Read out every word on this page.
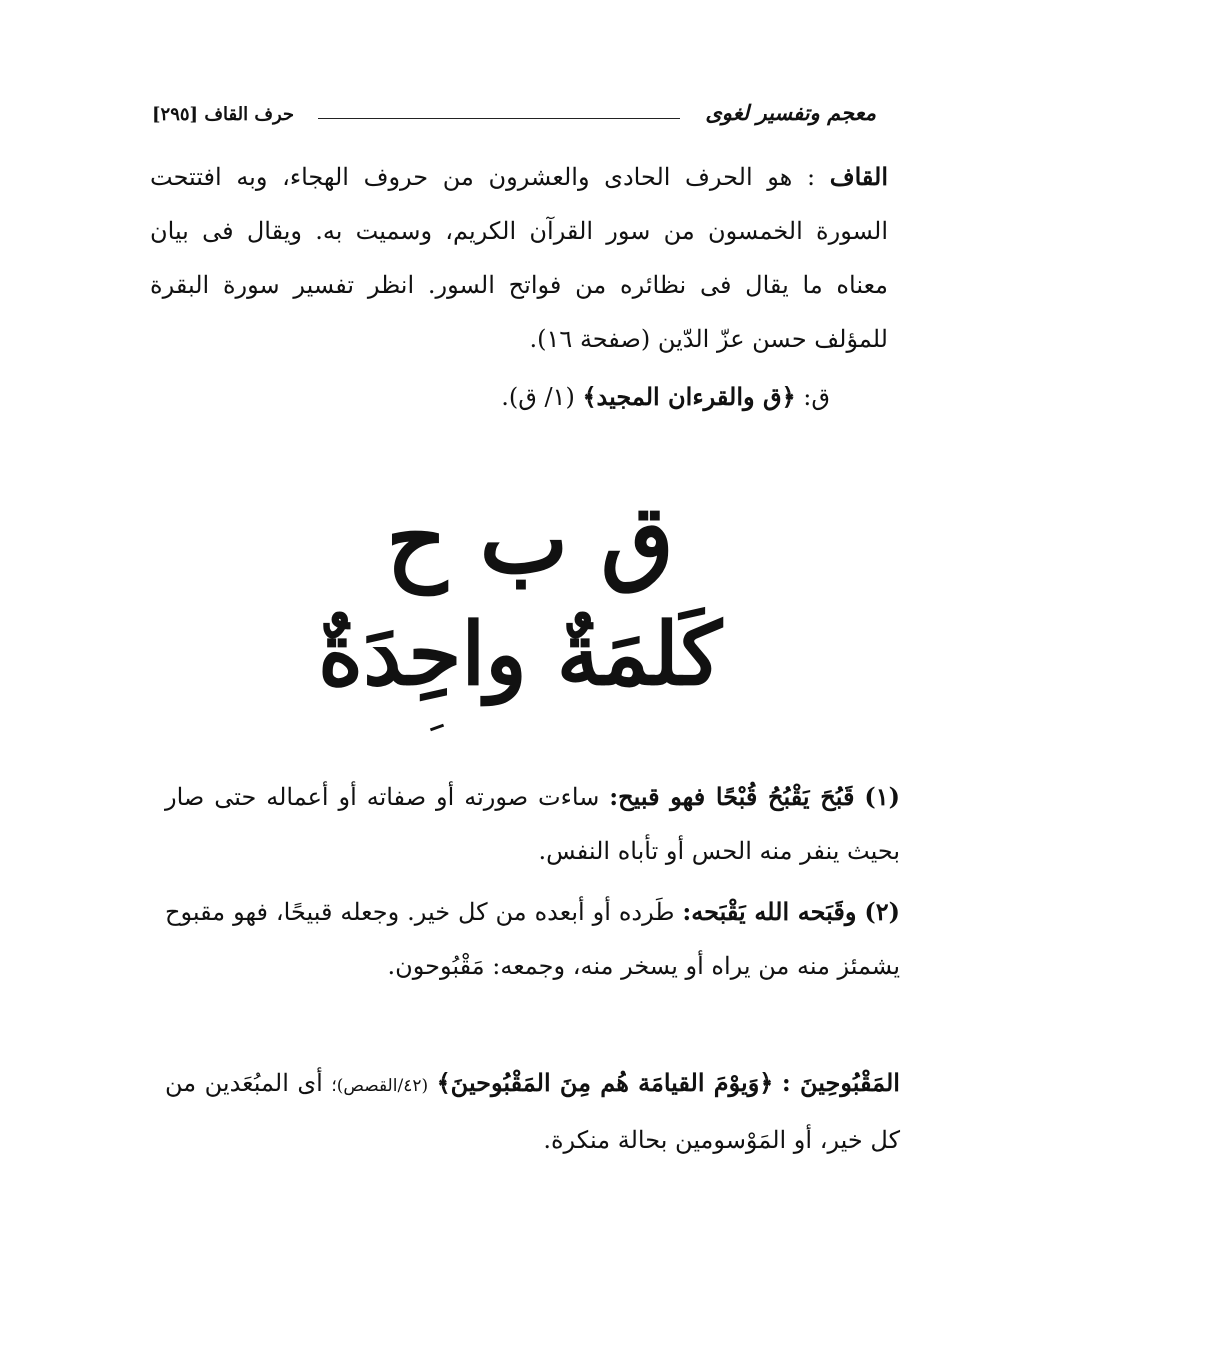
معجم وتفسير لغوى
حرف القاف [٢٩٥]
القاف : هو الحرف الحادى والعشرون من حروف الهجاء، وبه افتتحت السورة الخمسون من سور القرآن الكريم، وسميت به. ويقال فى بيان معناه ما يقال فى نظائره من فواتح السور. انظر تفسير سورة البقرة للمؤلف حسن عزّ الدّين (صفحة ١٦).
ق: ﴿ق والقرءان المجيد﴾ (١/ ق).
ق ب ح
كَلمَةٌ واحِدَةٌ
(١) قَبُحَ يَقْبُحُ قُبْحًا فهو قبيح: ساءت صورته أو صفاته أو أعماله حتى صار بحيث ينفر منه الحس أو تأباه النفس.
(٢) وقَبَحه الله يَقْبَحه: طَرده أو أبعده من كل خير. وجعله قبيحًا، فهو مقبوح يشمئز منه من يراه أو يسخر منه، وجمعه: مَقْبُوحون.
المَقْبُوحِينَ : ﴿وَيوْمَ القيامَة هُم مِنَ المَقْبُوحينَ﴾ (٤٢/القصص)؛ أى المبُعَدين من كل خير، أو المَوْسومين بحالة منكرة.
